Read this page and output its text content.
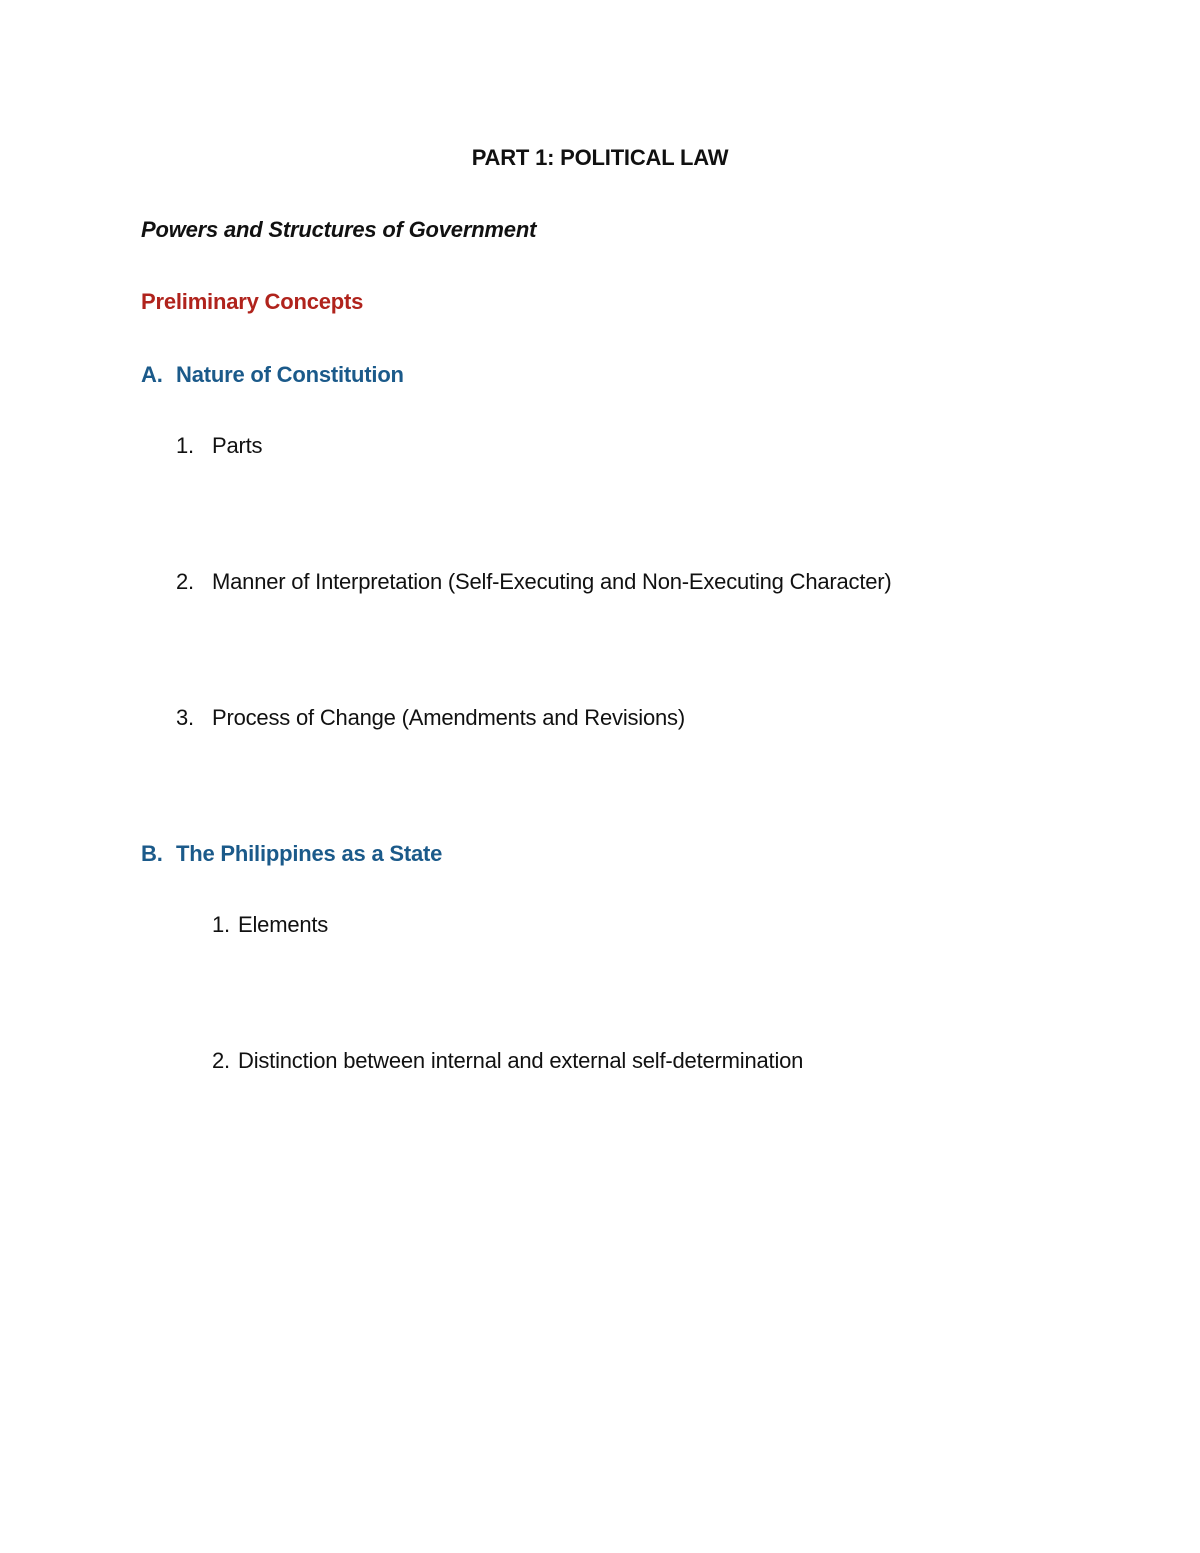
PART 1: POLITICAL LAW
Powers and Structures of Government
Preliminary Concepts
A. Nature of Constitution
1. Parts
2. Manner of Interpretation (Self-Executing and Non-Executing Character)
3. Process of Change (Amendments and Revisions)
B. The Philippines as a State
1. Elements
2. Distinction between internal and external self-determination
